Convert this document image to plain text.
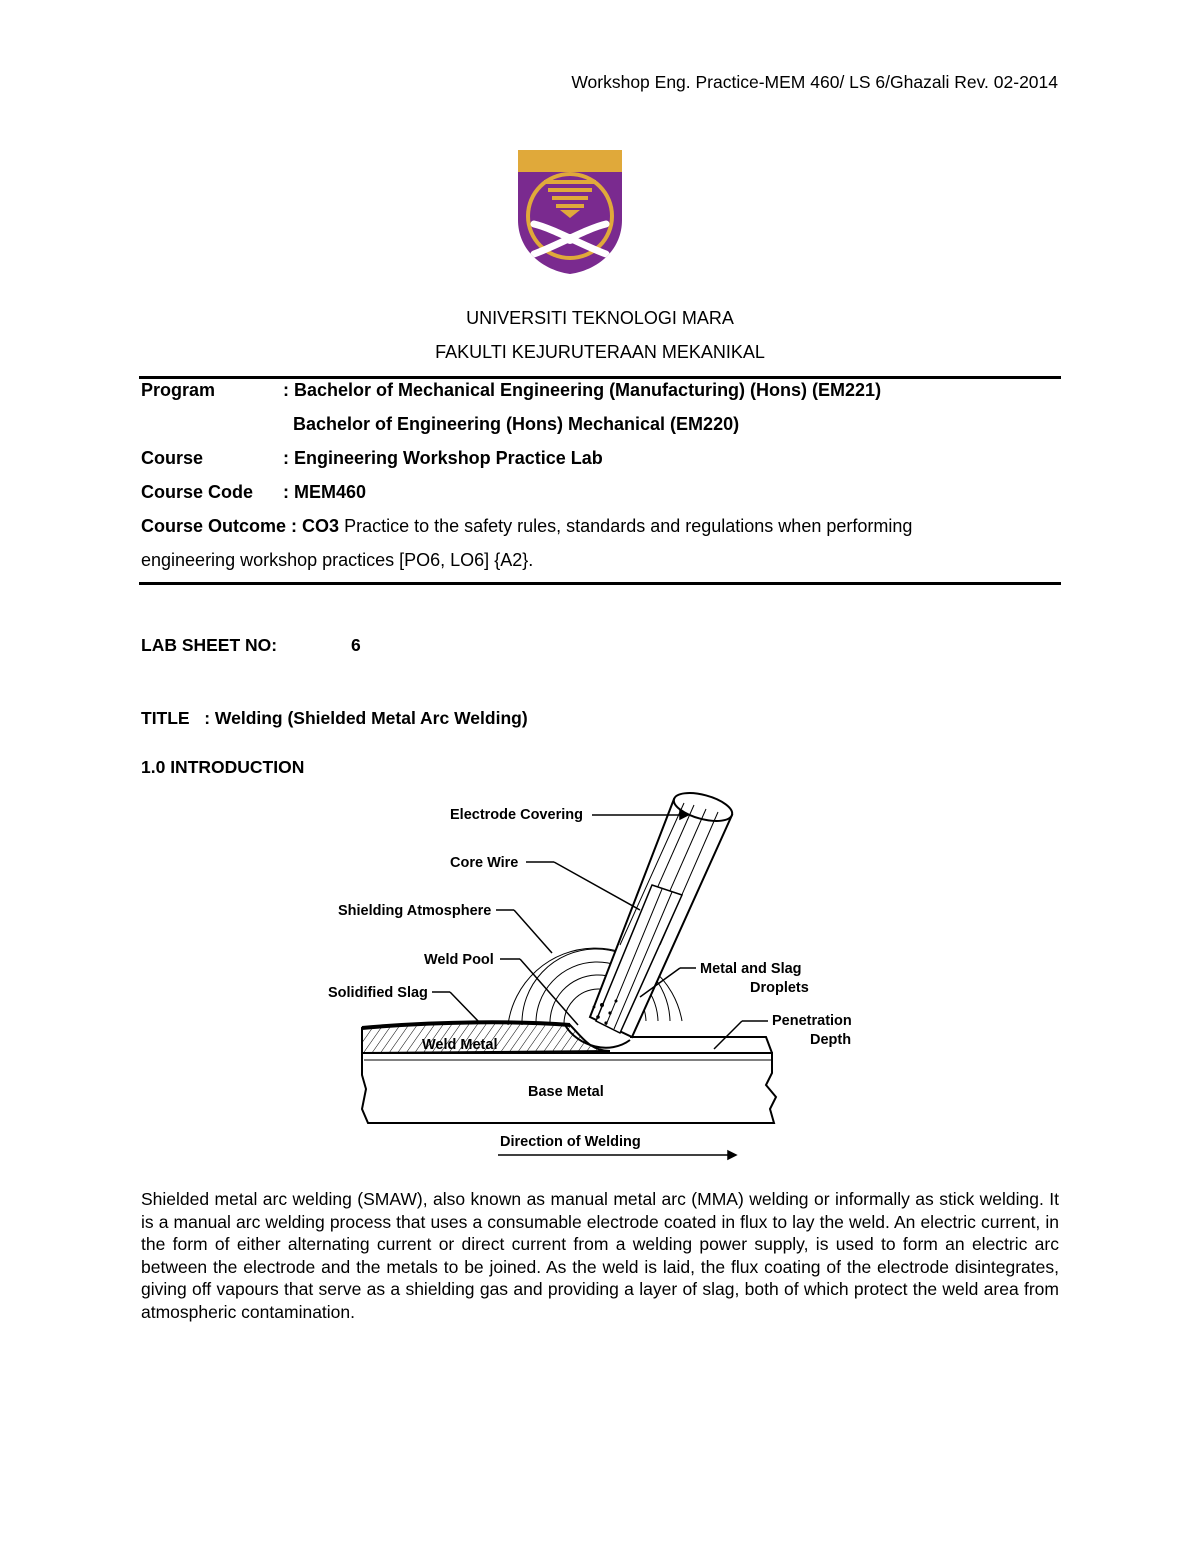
Workshop Eng. Practice-MEM 460/ LS 6/Ghazali Rev. 02-2014
UNIVERSITI TEKNOLOGI MARA
FAKULTI KEJURUTERAAN MEKANIKAL
Program	: Bachelor of Mechanical Engineering (Manufacturing) (Hons) (EM221)
Bachelor of Engineering (Hons) Mechanical (EM220)
Course	: Engineering Workshop Practice Lab
Course Code : MEM460
Course Outcome : CO3 Practice to the safety rules, standards and regulations when performing
engineering workshop practices [PO6, LO6] {A2}.
LAB SHEET NO:	6
TITLE : Welding (Shielded Metal Arc Welding)
1.0 INTRODUCTION
Electrode Covering
Core Wire
Shielding Atmosphere
Weld Pool
Solidified Slag
Metal and Slag
Droplets
Penetration
Depth
Weld Metal
Base Metal
Direction of Welding
Shielded metal arc welding (SMAW), also known as manual metal arc (MMA) welding or informally as stick welding. It is a manual arc welding process that uses a consumable electrode coated in flux to lay the weld. An electric current, in the form of either alternating current or direct current from a welding power supply, is used to form an electric arc between the electrode and the metals to be joined. As the weld is laid, the flux coating of the electrode disintegrates, giving off vapours that serve as a shielding gas and providing a layer of slag, both of which protect the weld area from atmospheric contamination.
